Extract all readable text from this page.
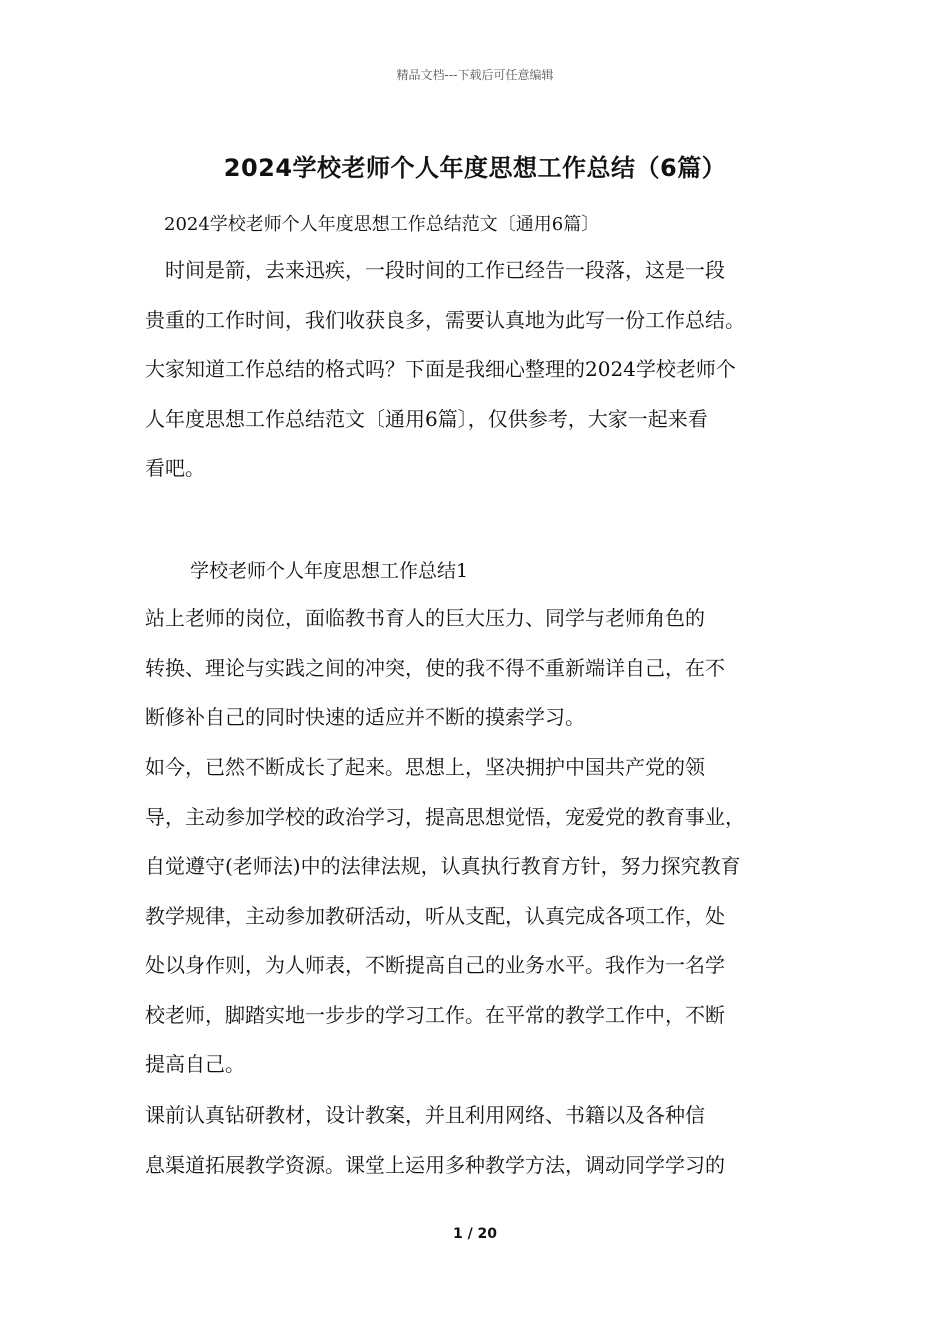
精品文档---下载后可任意编辑
2024学校老师个人年度思想工作总结（6篇）
2024学校老师个人年度思想工作总结范文〔通用6篇〕
　时间是箭，去来迅疾，一段时间的工作已经告一段落，这是一段
贵重的工作时间，我们收获良多，需要认真地为此写一份工作总结。
大家知道工作总结的格式吗？下面是我细心整理的2024学校老师个
人年度思想工作总结范文〔通用6篇〕，仅供参考，大家一起来看
看吧。
学校老师个人年度思想工作总结1
站上老师的岗位，面临教书育人的巨大压力、同学与老师角色的
转换、理论与实践之间的冲突，使的我不得不重新端详自己，在不
断修补自己的同时快速的适应并不断的摸索学习。
如今，已然不断成长了起来。思想上，坚决拥护中国共产党的领
导，主动参加学校的政治学习，提高思想觉悟，宠爱党的教育事业，
自觉遵守(老师法)中的法律法规，认真执行教育方针，努力探究教育
教学规律，主动参加教研活动，听从支配，认真完成各项工作，处
处以身作则，为人师表，不断提高自己的业务水平。我作为一名学
校老师，脚踏实地一步步的学习工作。在平常的教学工作中，不断
提高自己。
课前认真钻研教材，设计教案，并且利用网络、书籍以及各种信
息渠道拓展教学资源。课堂上运用多种教学方法，调动同学学习的
1 / 20
